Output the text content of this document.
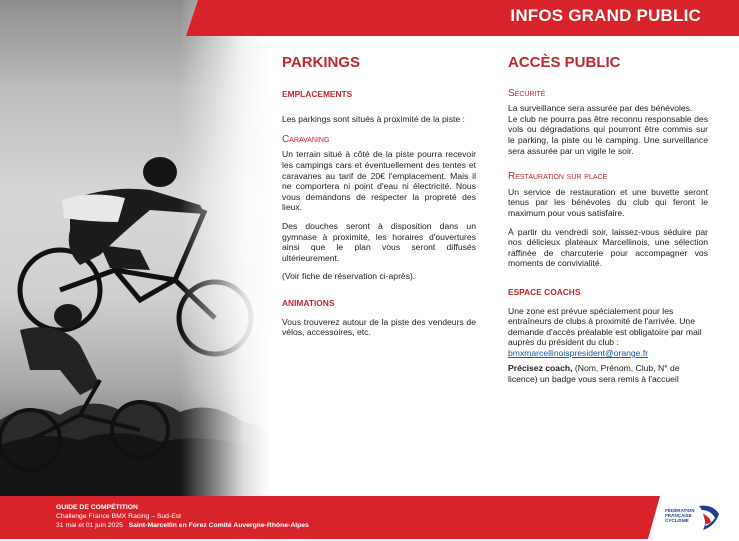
INFOS GRAND PUBLIC
PARKINGS
EMPLACEMENTS

Les parkings sont situés à proximité de la piste :

Caravaning

Un terrain situé à côté de la piste pourra recevoir les campings cars et éventuellement des tentes et caravanes au tarif de 20€ l'emplacement. Mais il ne comportera ni point d'eau ni électricité. Nous vous demandons de respecter la propreté des lieux.

Des douches seront à disposition dans un gymnase à proximité, les horaires d'ouvertures ainsi que le plan vous seront diffusés ultérieurement.

(Voir fiche de réservation ci-après).

ANIMATIONS

Vous trouverez autour de la piste des vendeurs de vélos, accessoires, etc.

ACCÈS PUBLIC
Sécurité

La surveillance sera assurée par des bénévoles.

Le club ne pourra pas être reconnu responsable des vols ou dégradations qui pourront être commis sur le parking, la piste ou le camping. Une surveillance sera assurée par un vigile le soir.

Restauration sur place

Un service de restauration et une buvette seront tenus par les bénévoles du club qui feront le maximum pour vous satisfaire.

À partir du vendredi soir, laissez-vous séduire par nos délicieux plateaux Marcellinois, une sélection raffinée de charcuterie pour accompagner vos moments de convivialité.

ESPACE COACHS

Une zone est prévue spécialement pour les entraîneurs de clubs à proximité de l'arrivée. Une demande d'accès préalable est obligatoire par mail auprès du président du club :

bmxmarcellinoispresident@orange.fr

Précisez coach, (Nom, Prénom, Club, N° de licence) un badge vous sera remis à l'accueil

GUIDE DE COMPÉTITION
Challenge France BMX Racing – Sud-Est
31 mai et 01 juin 2025 Saint-Marcellin en Forez Comité Auvergne-Rhône-Alpes
FÉDÉRATION
FRANÇAISE
CYCLISME
